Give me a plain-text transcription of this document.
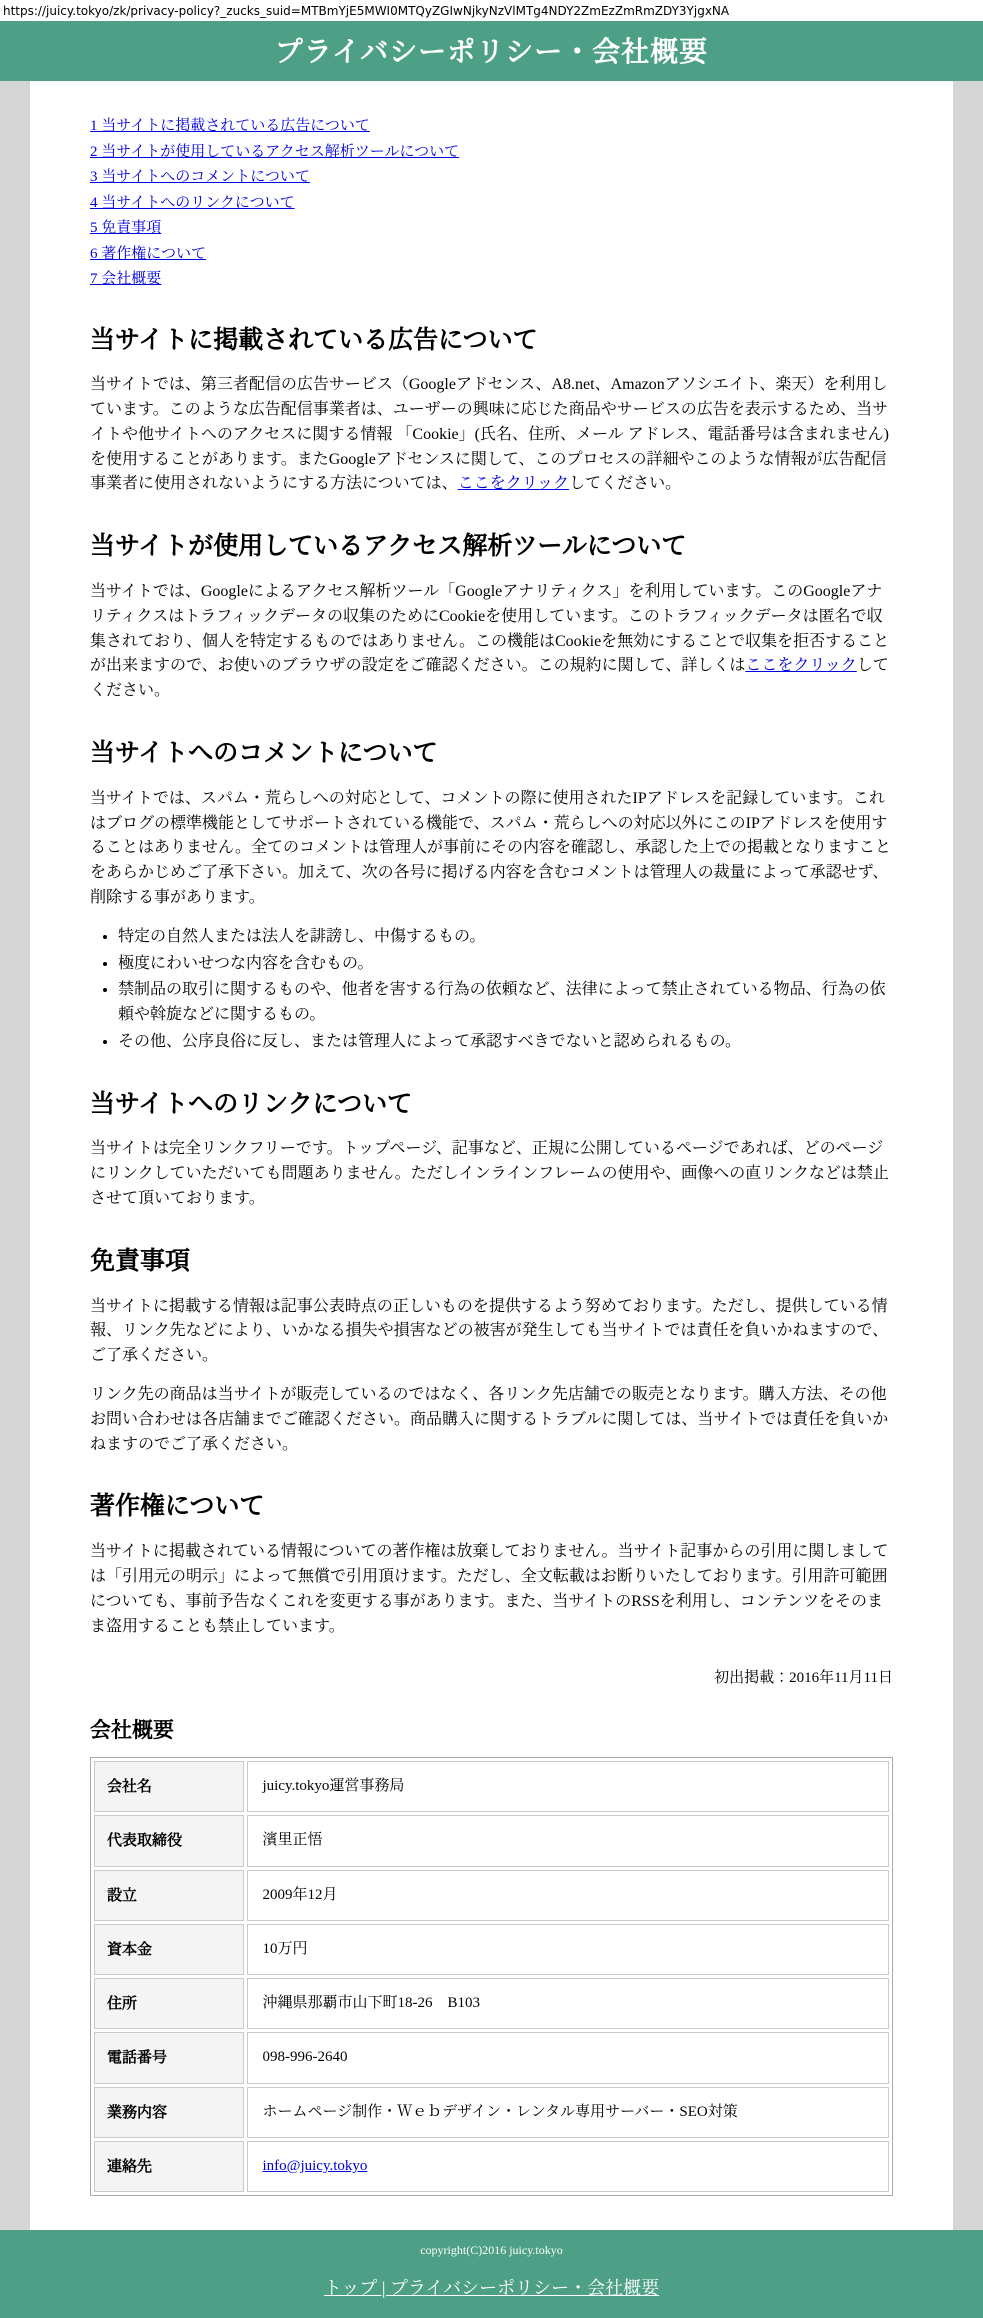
https://juicy.tokyo/zk/privacy-policy?_zucks_suid=MTBmYjE5MWI0MTQyZGIwNjkyNzVlMTg4NDY2ZmEzZmRmZDY3YjgxNA
プライバシーポリシー・会社概要
1 当サイトに掲載されている広告について
2 当サイトが使用しているアクセス解析ツールについて
3 当サイトへのコメントについて
4 当サイトへのリンクについて
5 免責事項
6 著作権について
7 会社概要
当サイトに掲載されている広告について

当サイトでは、第三者配信の広告サービス（Googleアドセンス、A8.net、Amazonアソシエイト、楽天）を利用しています。このような広告配信事業者は、ユーザーの興味に応じた商品やサービスの広告を表示するため、当サイトや他サイトへのアクセスに関する情報 「Cookie」(氏名、住所、メール アドレス、電話番号は含まれません) を使用することがあります。またGoogleアドセンスに関して、このプロセスの詳細やこのような情報が広告配信事業者に使用されないようにする方法については、ここをクリックしてください。

当サイトが使用しているアクセス解析ツールについて

当サイトでは、Googleによるアクセス解析ツール「Googleアナリティクス」を利用しています。このGoogleアナリティクスはトラフィックデータの収集のためにCookieを使用しています。このトラフィックデータは匿名で収集されており、個人を特定するものではありません。この機能はCookieを無効にすることで収集を拒否することが出来ますので、お使いのブラウザの設定をご確認ください。この規約に関して、詳しくはここをクリックしてください。

当サイトへのコメントについて

当サイトでは、スパム・荒らしへの対応として、コメントの際に使用されたIPアドレスを記録しています。これはブログの標準機能としてサポートされている機能で、スパム・荒らしへの対応以外にこのIPアドレスを使用することはありません。全てのコメントは管理人が事前にその内容を確認し、承認した上での掲載となりますことをあらかじめご了承下さい。加えて、次の各号に掲げる内容を含むコメントは管理人の裁量によって承認せず、削除する事があります。

• 特定の自然人または法人を誹謗し、中傷するもの。
• 極度にわいせつな内容を含むもの。
• 禁制品の取引に関するものや、他者を害する行為の依頼など、法律によって禁止されている物品、行為の依頼や斡旋などに関するもの。
• その他、公序良俗に反し、または管理人によって承認すべきでないと認められるもの。
当サイトへのリンクについて

当サイトは完全リンクフリーです。トップページ、記事など、正規に公開しているページであれば、どのページにリンクしていただいても問題ありません。ただしインラインフレームの使用や、画像への直リンクなどは禁止させて頂いております。

免責事項

当サイトに掲載する情報は記事公表時点の正しいものを提供するよう努めております。ただし、提供している情報、リンク先などにより、いかなる損失や損害などの被害が発生しても当サイトでは責任を負いかねますので、ご了承ください。

リンク先の商品は当サイトが販売しているのではなく、各リンク先店舗での販売となります。購入方法、その他お問い合わせは各店舗までご確認ください。商品購入に関するトラブルに関しては、当サイトでは責任を負いかねますのでご了承ください。

著作権について

当サイトに掲載されている情報についての著作権は放棄しておりません。当サイト記事からの引用に関しましては「引用元の明示」によって無償で引用頂けます。ただし、全文転載はお断りいたしております。引用許可範囲についても、事前予告なくこれを変更する事があります。また、当サイトのRSSを利用し、コンテンツをそのまま盗用することも禁止しています。

初出掲載：2016年11月11日
会社概要
会社名	juicy.tokyo運営事務局
代表取締役	濱里正悟
設立	2009年12月
資本金	10万円
住所	沖縄県那覇市山下町18-26　B103
電話番号	098-996-2640
業務内容	ホームページ制作・Ｗｅｂデザイン・レンタル専用サーバー・SEO対策
連絡先	info@juicy.tokyo
copyright(C)2016 juicy.tokyo
トップ | プライバシーポリシー・会社概要
